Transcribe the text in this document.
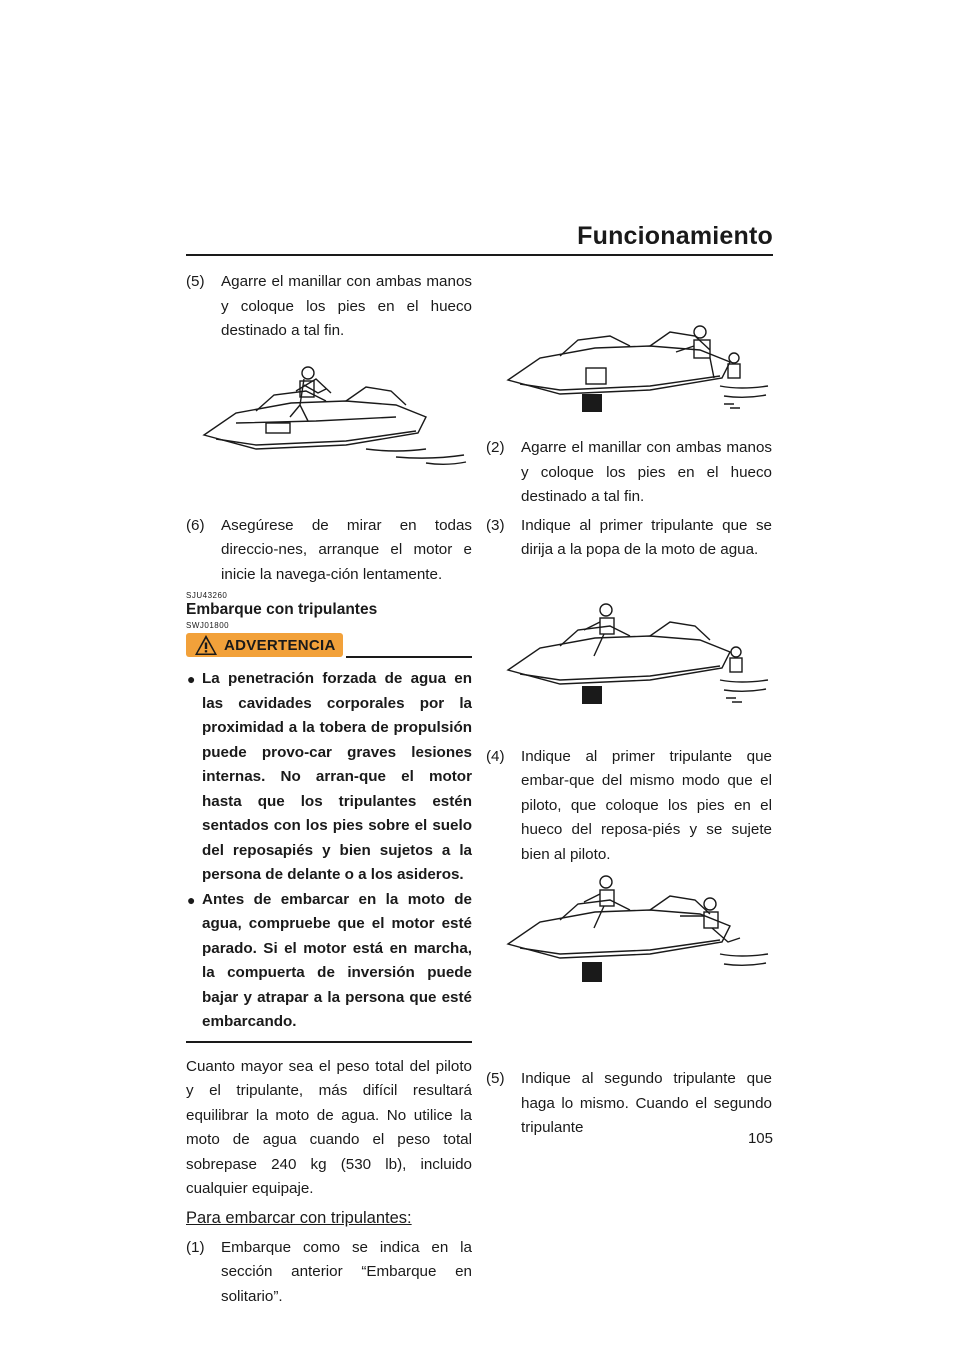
Funcionamiento
(5) Agarre el manillar con ambas manos y coloque los pies en el hueco destinado a tal fin.
(6) Asegúrese de mirar en todas direccio-nes, arranque el motor e inicie la navega-ción lentamente.

SJU43260

Embarque con tripulantes

SWJ01800

ADVERTENCIA
● La penetración forzada de agua en las cavidades corporales por la proximidad a la tobera de propulsión puede provo-car graves lesiones internas. No arran-que el motor hasta que los tripulantes estén sentados con los pies sobre el suelo del reposapiés y bien sujetos a la persona de delante o a los asideros.
● Antes de embarcar en la moto de agua, compruebe que el motor esté parado. Si el motor está en marcha, la compuerta de inversión puede bajar y atrapar a la persona que esté embarcando.

Cuanto mayor sea el peso total del piloto y el tripulante, más difícil resultará equilibrar la moto de agua. No utilice la moto de agua cuando el peso total sobrepase 240 kg (530 lb), incluido cualquier equipaje.

Para embarcar con tripulantes:

(1) Embarque como se indica en la sección anterior “Embarque en solitario”.
(2) Agarre el manillar con ambas manos y coloque los pies en el hueco destinado a tal fin.
(3) Indique al primer tripulante que se dirija a la popa de la moto de agua.
(4) Indique al primer tripulante que embar-que del mismo modo que el piloto, que coloque los pies en el hueco del reposa-piés y se sujete bien al piloto.
(5) Indique al segundo tripulante que haga lo mismo. Cuando el segundo tripulante
105
